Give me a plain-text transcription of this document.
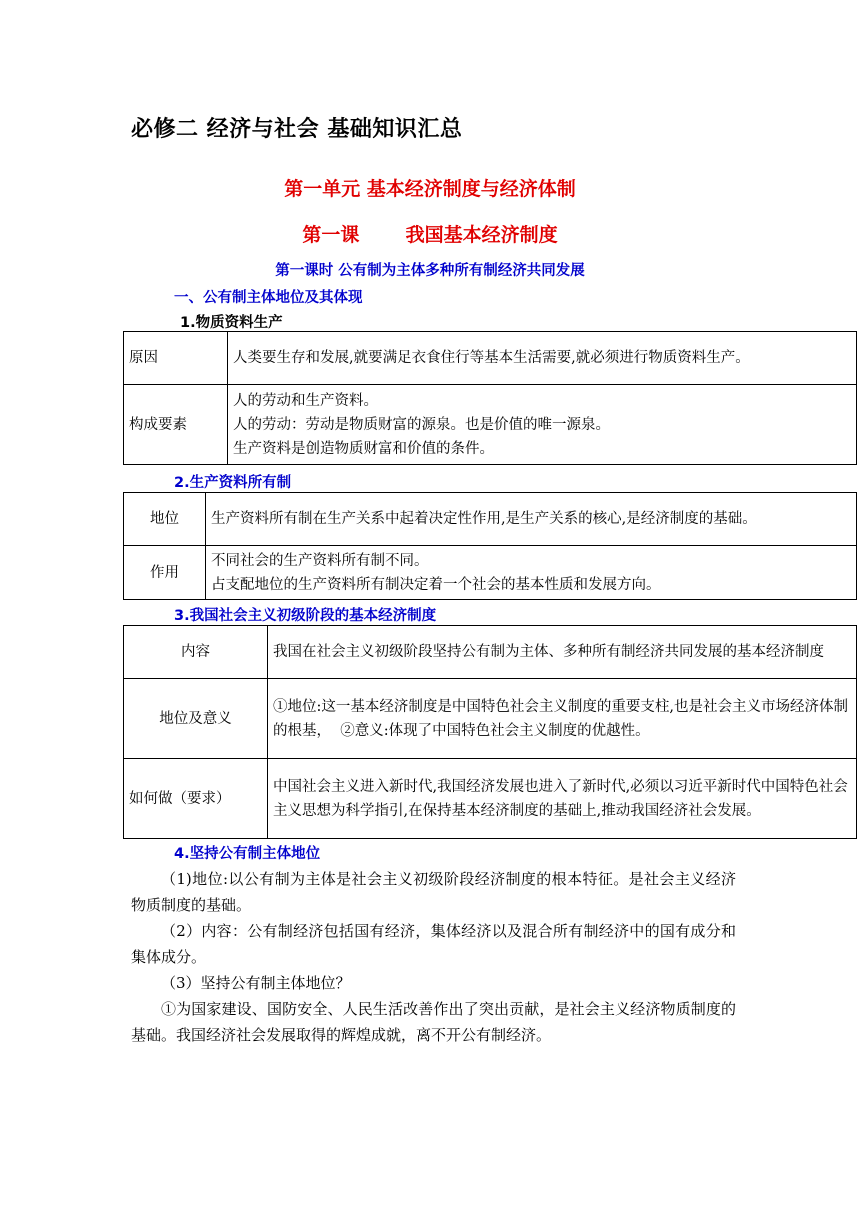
必修二 经济与社会 基础知识汇总
第一单元 基本经济制度与经济体制
第一课       我国基本经济制度
第一课时 公有制为主体多种所有制经济共同发展
一、公有制主体地位及其体现
1.物质资料生产
原因	人类要生存和发展,就要满足衣食住行等基本生活需要,就必须进行物质资料生产。

构成要素	人的劳动和生产资料。
人的劳动：劳动是物质财富的源泉。也是价值的唯一源泉。
生产资料是创造物质财富和价值的条件。
2.生产资料所有制
地位	生产资料所有制在生产关系中起着决定性作用,是生产关系的核心,是经济制度的基础。

作用	不同社会的生产资料所有制不同。
占支配地位的生产资料所有制决定着一个社会的基本性质和发展方向。
3.我国社会主义初级阶段的基本经济制度
内容	我国在社会主义初级阶段坚持公有制为主体、多种所有制经济共同发展的基本经济制度

地位及意义	①地位:这一基本经济制度是中国特色社会主义制度的重要支柱,也是社会主义市场经济体制的根基，  ②意义:体现了中国特色社会主义制度的优越性。

如何做（要求）	中国社会主义进入新时代,我国经济发展也进入了新时代,必须以习近平新时代中国特色社会主义思想为科学指引,在保持基本经济制度的基础上,推动我国经济社会发展。
4.坚持公有制主体地位

（1)地位:以公有制为主体是社会主义初级阶段经济制度的根本特征。是社会主义经济物质制度的基础。

（2）内容：公有制经济包括国有经济，集体经济以及混合所有制经济中的国有成分和集体成分。

（3）坚持公有制主体地位？

①为国家建设、国防安全、人民生活改善作出了突出贡献，是社会主义经济物质制度的基础。我国经济社会发展取得的辉煌成就，离不开公有制经济。
